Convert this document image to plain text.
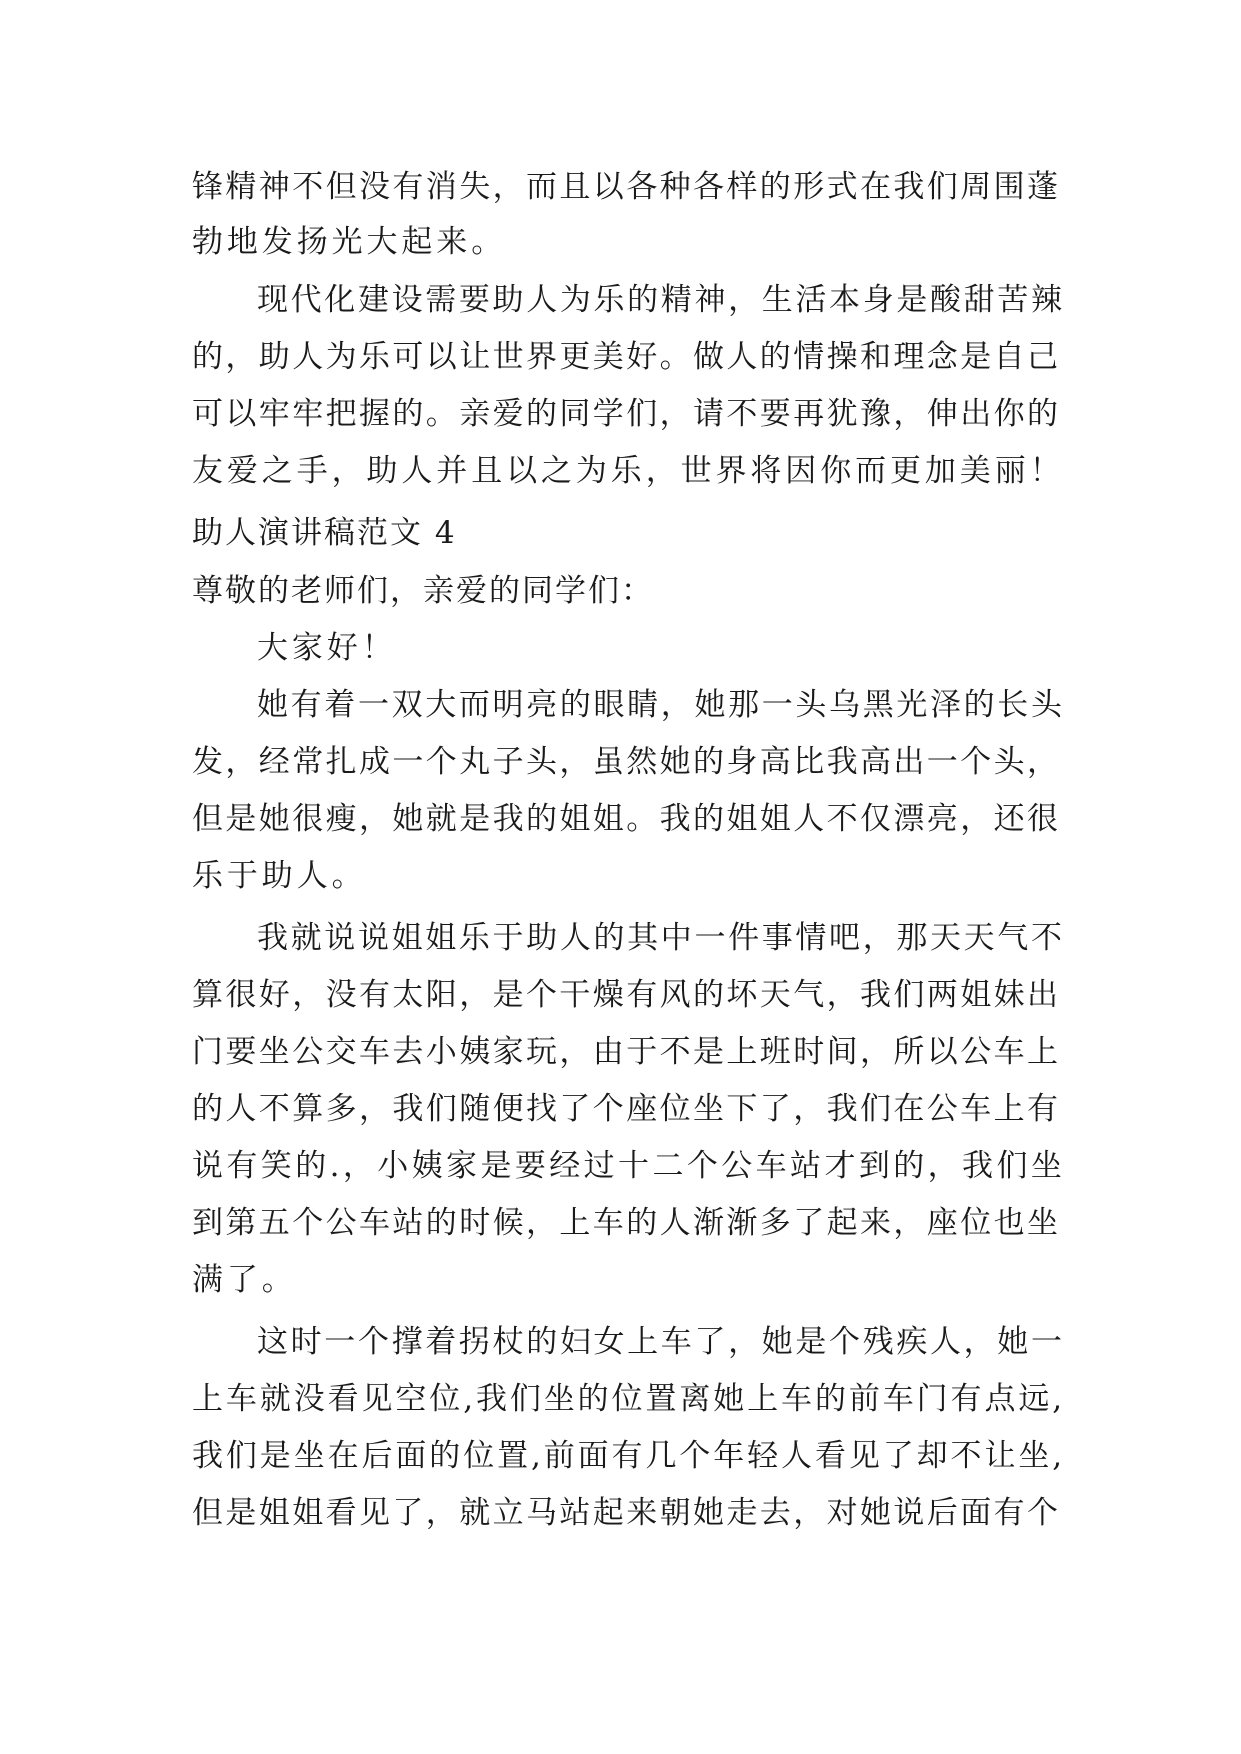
锋精神不但没有消失，而且以各种各样的形式在我们周围蓬
勃地发扬光大起来。
现代化建设需要助人为乐的精神，生活本身是酸甜苦辣
的，助人为乐可以让世界更美好。做人的情操和理念是自己
可以牢牢把握的。亲爱的同学们，请不要再犹豫，伸出你的
友爱之手，助人并且以之为乐，世界将因你而更加美丽！
助人演讲稿范文 4
尊敬的老师们，亲爱的同学们：
大家好！
她有着一双大而明亮的眼睛，她那一头乌黑光泽的长头
发，经常扎成一个丸子头，虽然她的身高比我高出一个头，
但是她很瘦，她就是我的姐姐。我的姐姐人不仅漂亮，还很
乐于助人。
我就说说姐姐乐于助人的其中一件事情吧，那天天气不
算很好，没有太阳，是个干燥有风的坏天气，我们两姐妹出
门要坐公交车去小姨家玩，由于不是上班时间，所以公车上
的人不算多，我们随便找了个座位坐下了，我们在公车上有
说有笑的.，小姨家是要经过十二个公车站才到的，我们坐
到第五个公车站的时候，上车的人渐渐多了起来，座位也坐
满了。
这时一个撑着拐杖的妇女上车了，她是个残疾人，她一
上车就没看见空位,我们坐的位置离她上车的前车门有点远,
我们是坐在后面的位置,前面有几个年轻人看见了却不让坐,
但是姐姐看见了，就立马站起来朝她走去，对她说后面有个
